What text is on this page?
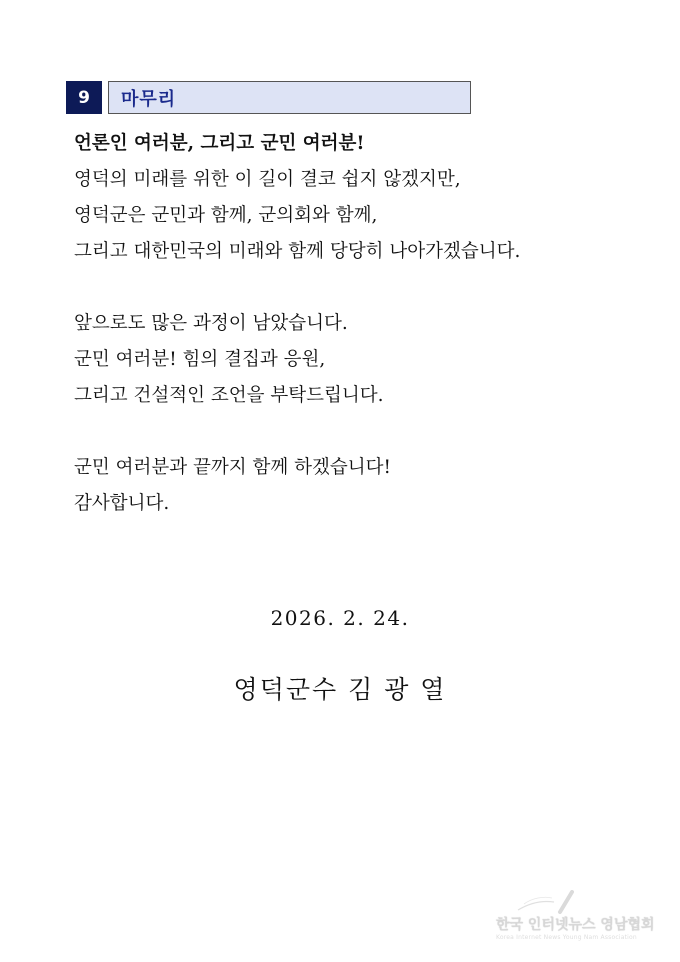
9	마무리
언론인 여러분, 그리고 군민 여러분!
영덕의 미래를 위한 이 길이 결코 쉽지 않겠지만,
영덕군은 군민과 함께, 군의회와 함께,
그리고 대한민국의 미래와 함께 당당히 나아가겠습니다.
앞으로도 많은 과정이 남았습니다.
군민 여러분! 힘의 결집과 응원,
그리고 건설적인 조언을 부탁드립니다.
군민 여러분과 끝까지 함께 하겠습니다!
감사합니다.
2026. 2. 24.
영덕군수 김 광 열
한국 인터넷뉴스 영남협회
Korea Internet News Young Nam Association
